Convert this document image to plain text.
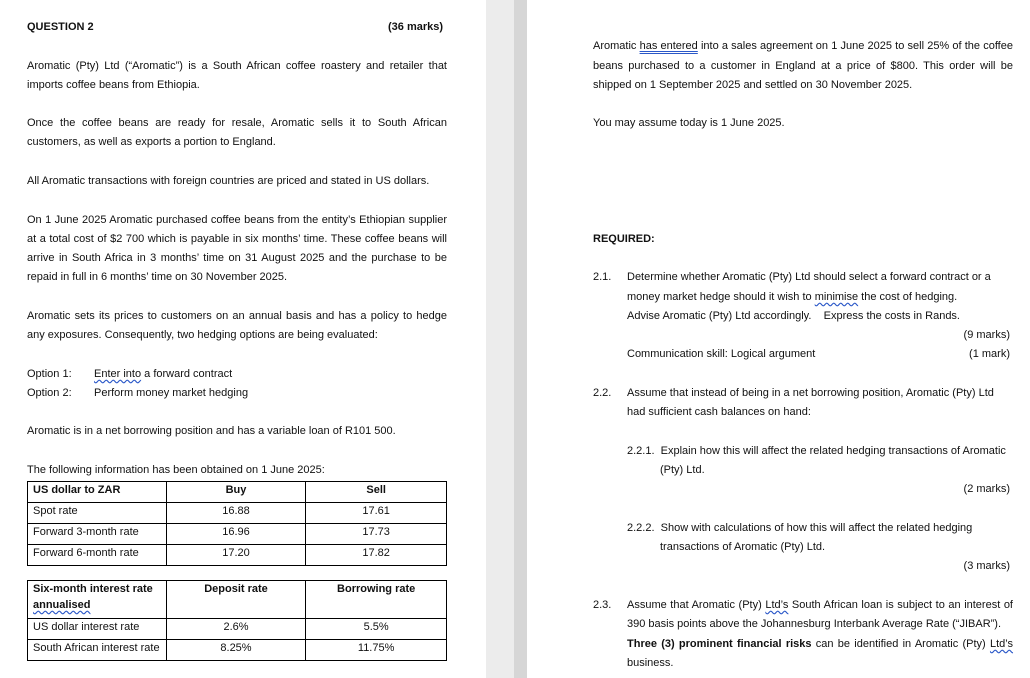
QUESTION 2	(36 marks)
Aromatic (Pty) Ltd (“Aromatic”) is a South African coffee roastery and retailer that
imports coffee beans from Ethiopia.
Once the coffee beans are ready for resale, Aromatic sells it to South African
customers, as well as exports a portion to England.
All Aromatic transactions with foreign countries are priced and stated in US dollars.
On 1 June 2025 Aromatic purchased coffee beans from the entity’s Ethiopian supplier
at a total cost of $2 700 which is payable in six months’ time. These coffee beans will
arrive in South Africa in 3 months’ time on 31 August 2025 and the purchase to be
repaid in full in 6 months’ time on 30 November 2025.
Aromatic sets its prices to customers on an annual basis and has a policy to hedge
any exposures. Consequently, two hedging options are being evaluated:
Option 1: Enter into a forward contract
Option 2: Perform money market hedging
Aromatic is in a net borrowing position and has a variable loan of R101 500.
The following information has been obtained on 1 June 2025:
US dollar to ZAR	Buy	Sell
Spot rate	16.88	17.61
Forward 3-month rate	16.96	17.73
Forward 6-month rate	17.20	17.82
Six-month interest rate
annualised	Deposit rate	Borrowing rate
US dollar interest rate	2.6%	5.5%
South African interest rate	8.25%	11.75%
Aromatic has entered into a sales agreement on 1 June 2025 to sell 25% of the coffee
beans purchased to a customer in England at a price of $800. This order will be
shipped on 1 September 2025 and settled on 30 November 2025.
You may assume today is 1 June 2025.
REQUIRED:
2.1. Determine whether Aromatic (Pty) Ltd should select a forward contract or a
money market hedge should it wish to minimise the cost of hedging.
Advise Aromatic (Pty) Ltd accordingly.    Express the costs in Rands.
(9 marks)
Communication skill: Logical argument	(1 mark)
2.2. Assume that instead of being in a net borrowing position, Aromatic (Pty) Ltd
had sufficient cash balances on hand:
2.2.1.  Explain how this will affect the related hedging transactions of Aromatic
(Pty) Ltd.
(2 marks)
2.2.2.  Show with calculations of how this will affect the related hedging
transactions of Aromatic (Pty) Ltd.
(3 marks)
2.3. Assume that Aromatic (Pty) Ltd’s South African loan is subject to an interest of
390 basis points above the Johannesburg Interbank Average Rate (“JIBAR”).
Three (3) prominent financial risks can be identified in Aromatic (Pty) Ltd’s
business.
